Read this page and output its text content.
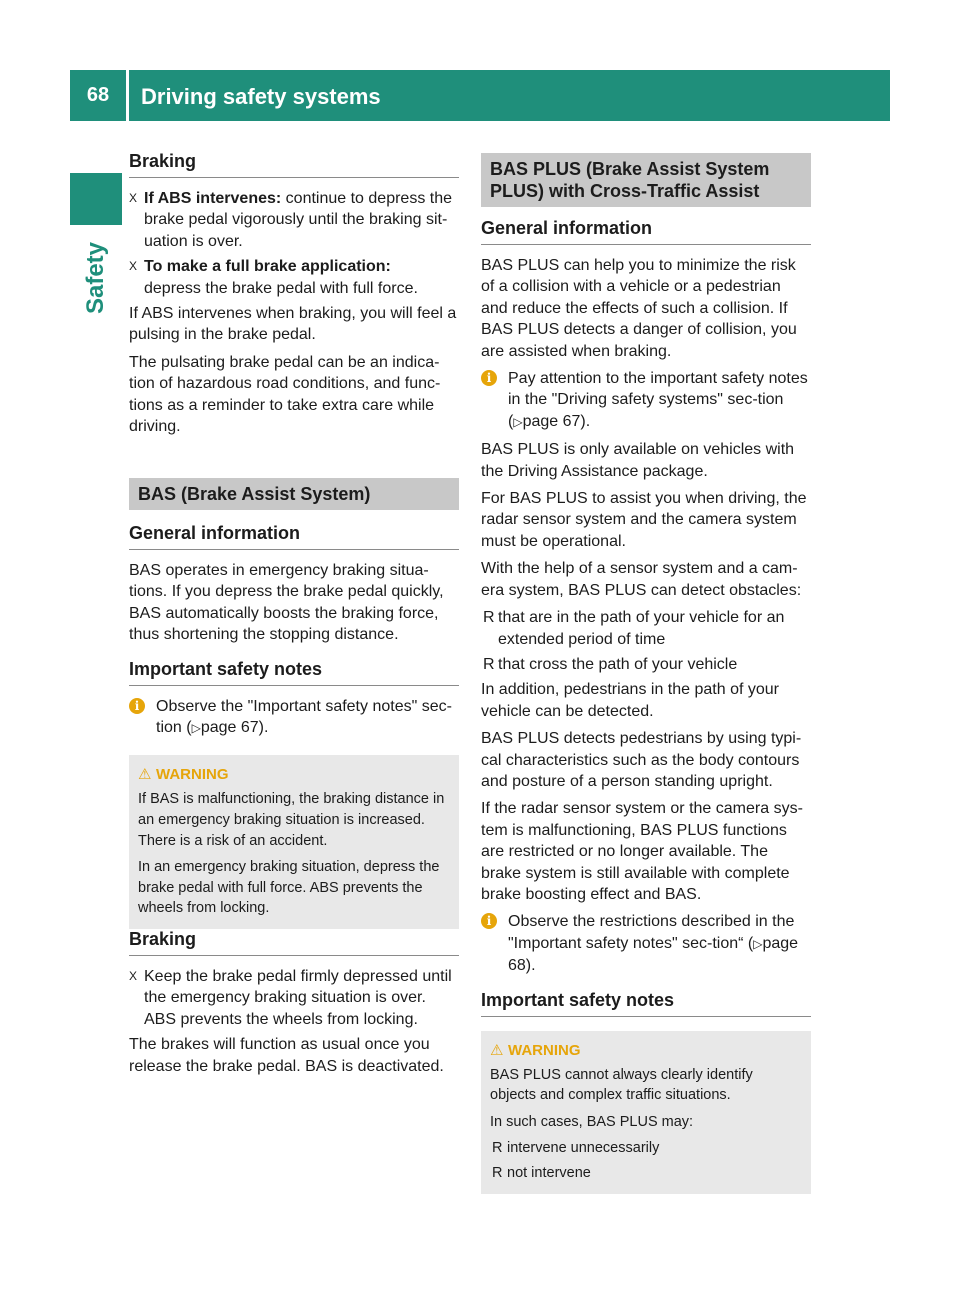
68	Driving safety systems
Safety
Braking
X If ABS intervenes: continue to depress the brake pedal vigorously until the braking sit-uation is over.
X To make a full brake application:
depress the brake pedal with full force.

If ABS intervenes when braking, you will feel a pulsing in the brake pedal.

The pulsating brake pedal can be an indica-tion of hazardous road conditions, and func-tions as a reminder to take extra care while driving.

BAS (Brake Assist System)
General information

BAS operates in emergency braking situa-tions. If you depress the brake pedal quickly, BAS automatically boosts the braking force, thus shortening the stopping distance.

Important safety notes
i	Observe the "Important safety notes" sec-tion (▷page 67).
⚠ WARNING

If BAS is malfunctioning, the braking distance in an emergency braking situation is increased. There is a risk of an accident.

In an emergency braking situation, depress the brake pedal with full force. ABS prevents the wheels from locking.

Braking
X Keep the brake pedal firmly depressed until the emergency braking situation is over. ABS prevents the wheels from locking.

The brakes will function as usual once you release the brake pedal. BAS is deactivated.

BAS PLUS (Brake Assist System PLUS) with Cross-Traffic Assist
General information

BAS PLUS can help you to minimize the risk of a collision with a vehicle or a pedestrian and reduce the effects of such a collision. If BAS PLUS detects a danger of collision, you are assisted when braking.

i	Pay attention to the important safety notes in the "Driving safety systems" sec-tion (▷page 67).

BAS PLUS is only available on vehicles with the Driving Assistance package.

For BAS PLUS to assist you when driving, the radar sensor system and the camera system must be operational.

With the help of a sensor system and a cam-era system, BAS PLUS can detect obstacles:

R that are in the path of your vehicle for an extended period of time
R that cross the path of your vehicle

In addition, pedestrians in the path of your vehicle can be detected.

BAS PLUS detects pedestrians by using typi-cal characteristics such as the body contours and posture of a person standing upright.

If the radar sensor system or the camera sys-tem is malfunctioning, BAS PLUS functions are restricted or no longer available. The brake system is still available with complete brake boosting effect and BAS.

i	Observe the restrictions described in the "Important safety notes" sec-tion“ (▷page 68).
Important safety notes
⚠ WARNING

BAS PLUS cannot always clearly identify objects and complex traffic situations.

In such cases, BAS PLUS may:

R intervene unnecessarily
R not intervene
